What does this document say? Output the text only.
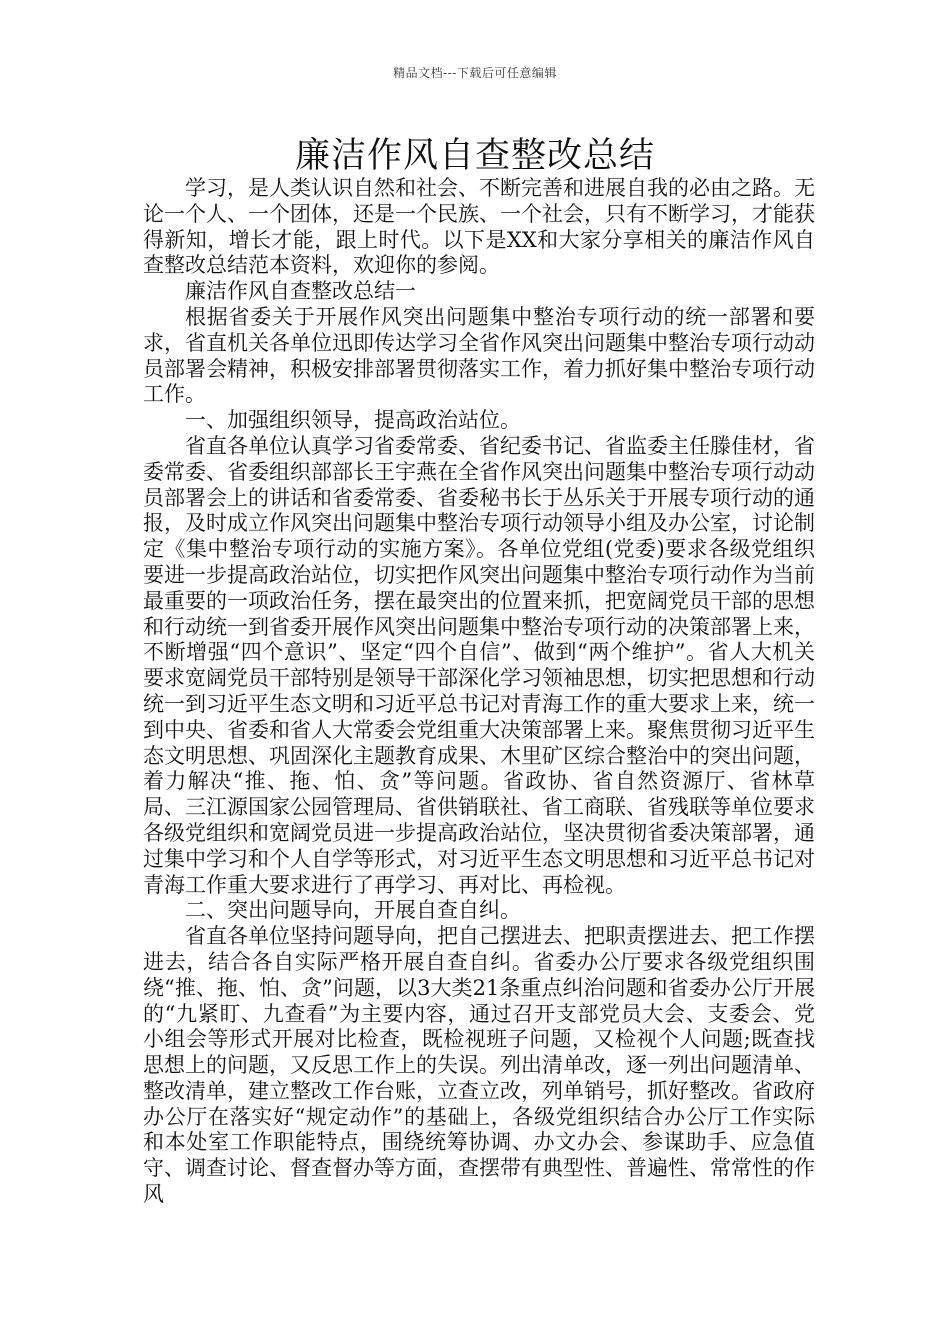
精品文档---下载后可任意编辑
廉洁作风自查整改总结

学习，是人类认识自然和社会、不断完善和进展自我的必由之路。无论一个人、一个团体，还是一个民族、一个社会，只有不断学习，才能获得新知，增长才能，跟上时代。以下是XX和大家分享相关的廉洁作风自查整改总结范本资料，欢迎你的参阅。

廉洁作风自查整改总结一

根据省委关于开展作风突出问题集中整治专项行动的统一部署和要求，省直机关各单位迅即传达学习全省作风突出问题集中整治专项行动动员部署会精神，积极安排部署贯彻落实工作，着力抓好集中整治专项行动工作。

一、加强组织领导，提高政治站位。

省直各单位认真学习省委常委、省纪委书记、省监委主任滕佳材，省委常委、省委组织部部长王宇燕在全省作风突出问题集中整治专项行动动员部署会上的讲话和省委常委、省委秘书长于丛乐关于开展专项行动的通报，及时成立作风突出问题集中整治专项行动领导小组及办公室，讨论制定《集中整治专项行动的实施方案》。各单位党组(党委)要求各级党组织要进一步提高政治站位，切实把作风突出问题集中整治专项行动作为当前最重要的一项政治任务，摆在最突出的位置来抓，把宽阔党员干部的思想和行动统一到省委开展作风突出问题集中整治专项行动的决策部署上来，不断增强“四个意识”、坚定“四个自信”、做到“两个维护”。省人大机关要求宽阔党员干部特别是领导干部深化学习领袖思想，切实把思想和行动统一到习近平生态文明和习近平总书记对青海工作的重大要求上来，统一到中央、省委和省人大常委会党组重大决策部署上来。聚焦贯彻习近平生态文明思想、巩固深化主题教育成果、木里矿区综合整治中的突出问题，着力解决“推、拖、怕、贪”等问题。省政协、省自然资源厅、省林草局、三江源国家公园管理局、省供销联社、省工商联、省残联等单位要求各级党组织和宽阔党员进一步提高政治站位，坚决贯彻省委决策部署，通过集中学习和个人自学等形式，对习近平生态文明思想和习近平总书记对青海工作重大要求进行了再学习、再对比、再检视。

二、突出问题导向，开展自查自纠。

省直各单位坚持问题导向，把自己摆进去、把职责摆进去、把工作摆进去，结合各自实际严格开展自查自纠。省委办公厅要求各级党组织围绕“推、拖、怕、贪”问题，以3大类21条重点纠治问题和省委办公厅开展的“九紧盯、九查看”为主要内容，通过召开支部党员大会、支委会、党小组会等形式开展对比检查，既检视班子问题，又检视个人问题;既查找思想上的问题，又反思工作上的失误。列出清单改，逐一列出问题清单、整改清单，建立整改工作台账，立查立改，列单销号，抓好整改。省政府办公厅在落实好“规定动作”的基础上，各级党组织结合办公厅工作实际和本处室工作职能特点，围绕统筹协调、办文办会、参谋助手、应急值守、调查讨论、督查督办等方面，查摆带有典型性、普遍性、常常性的作风
